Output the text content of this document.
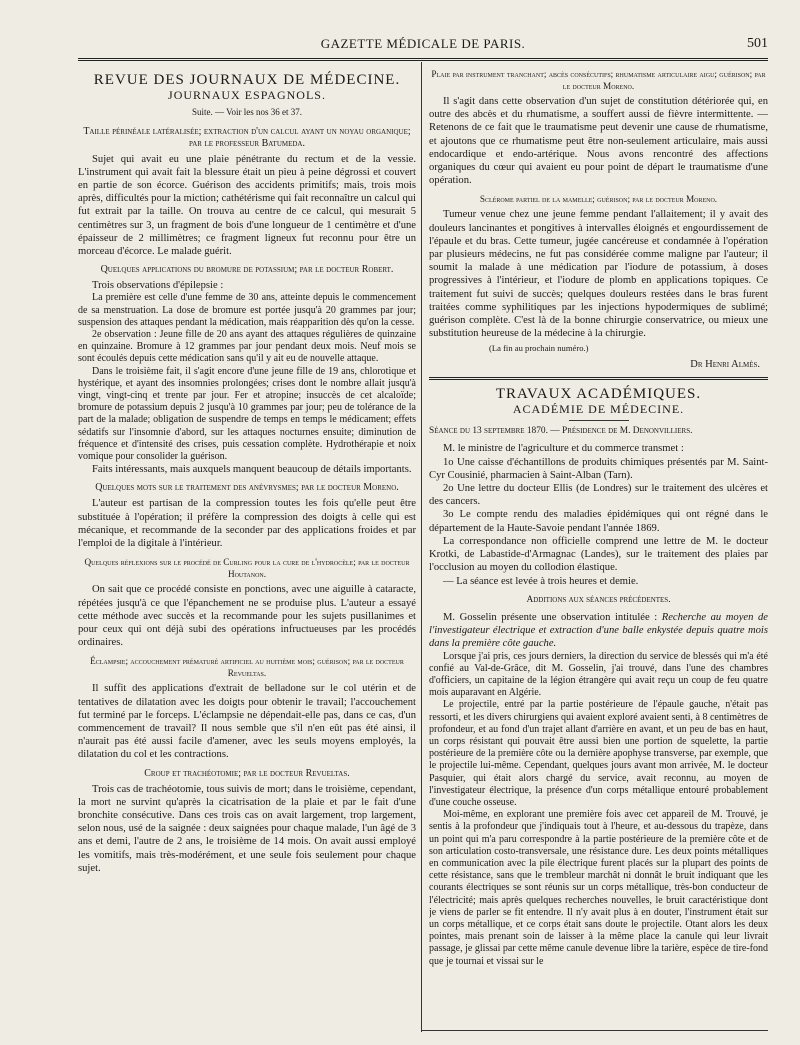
GAZETTE MÉDICALE DE PARIS.	501
REVUE DES JOURNAUX DE MÉDECINE.
JOURNAUX ESPAGNOLS.
Suite. — Voir les nos 36 et 37.
Taille périnéale latéralisée; extraction d'un calcul ayant un noyau organique; par le professeur Batumeda.

Sujet qui avait eu une plaie pénétrante du rectum et de la vessie. L'instrument qui avait fait la blessure était un pieu à peine dégrossi et couvert en partie de son écorce. Guérison des accidents primitifs; mais, trois mois après, difficultés pour la miction; cathétérisme qui fait reconnaître un calcul qui fut extrait par la taille. On trouva au centre de ce calcul, qui mesurait 5 centimètres sur 3, un fragment de bois d'une longueur de 1 centimètre et d'une épaisseur de 2 millimètres; ce fragment ligneux fut reconnu pour être un morceau d'écorce. Le malade guérit.

Quelques applications du bromure de potassium; par le docteur Robert.

Trois observations d'épilepsie :

La première est celle d'une femme de 30 ans, atteinte depuis le commencement de sa menstruation. La dose de bromure est portée jusqu'à 20 grammes par jour; suspension des attaques pendant la médication, mais réapparition dès qu'on la cesse.

2e observation : Jeune fille de 20 ans ayant des attaques régulières de quinzaine en quinzaine. Bromure à 12 grammes par jour pendant deux mois. Neuf mois se sont écoulés depuis cette médication sans qu'il y ait eu de nouvelle attaque.

Dans le troisième fait, il s'agit encore d'une jeune fille de 19 ans, chlorotique et hystérique, et ayant des insomnies prolongées; crises dont le nombre allait jusqu'à vingt, vingt-cinq et trente par jour. Fer et atropine; insuccès de cet alcaloïde; bromure de potassium depuis 2 jusqu'à 10 grammes par jour; peu de tolérance de la part de la malade; obligation de suspendre de temps en temps le médicament; effets sédatifs sur l'insomnie d'abord, sur les attaques nocturnes ensuite; diminution de fréquence et d'intensité des crises, puis cessation complète. Hydrothérapie et noix vomique pour consolider la guérison.

Faits intéressants, mais auxquels manquent beaucoup de détails importants.

Quelques mots sur le traitement des anévrysmes; par le docteur Moreno.

L'auteur est partisan de la compression toutes les fois qu'elle peut être substituée à l'opération; il préfère la compression des doigts à celle qui est mécanique, et recommande de la seconder par des applications froides et par l'emploi de la digitale à l'intérieur.

Quelques réflexions sur le procédé de Curling pour la cure de l'hydrocèle; par le docteur Houtanon.

On sait que ce procédé consiste en ponctions, avec une aiguille à cataracte, répétées jusqu'à ce que l'épanchement ne se produise plus. L'auteur a essayé cette méthode avec succès et la recommande pour les sujets pusillanimes et pour ceux qui ont déjà subi des opérations infructueuses par les procédés ordinaires.

Éclampsie; accouchement prématuré artificiel au huitième mois; guérison; par le docteur Revueltas.

Il suffit des applications d'extrait de belladone sur le col utérin et de tentatives de dilatation avec les doigts pour obtenir le travail; l'accouchement fut terminé par le forceps. L'éclampsie ne dépendait-elle pas, dans ce cas, d'un commencement de travail? Il nous semble que s'il n'en eût pas été ainsi, il n'aurait pas été aussi facile d'amener, avec les seuls moyens employés, la dilatation du col et les contractions.

Croup et trachéotomie; par le docteur Revueltas.

Trois cas de trachéotomie, tous suivis de mort; dans le troisième, cependant, la mort ne survint qu'après la cicatrisation de la plaie et par le fait d'une bronchite consécutive. Dans ces trois cas on avait largement, trop largement, selon nous, usé de la saignée : deux saignées pour chaque malade, l'un âgé de 3 ans et demi, l'autre de 2 ans, le troisième de 14 mois. On avait aussi employé les vomitifs, mais très-modérément, et une seule fois seulement pour chaque sujet.

Plaie par instrument tranchant; abcès consécutifs; rhumatisme articulaire aigu; guérison; par le docteur Moreno.

Il s'agit dans cette observation d'un sujet de constitution détériorée qui, en outre des abcès et du rhumatisme, a souffert aussi de fièvre intermittente. — Retenons de ce fait que le traumatisme peut devenir une cause de rhumatisme, et ajoutons que ce rhumatisme peut être non-seulement articulaire, mais aussi endocardique et endo-artérique. Nous avons rencontré des affections organiques du cœur qui avaient eu pour point de départ le traumatisme d'une opération.

Sclérome partiel de la mamelle; guérison; par le docteur Moreno.

Tumeur venue chez une jeune femme pendant l'allaitement; il y avait des douleurs lancinantes et pongitives à intervalles éloignés et engourdissement de l'épaule et du bras. Cette tumeur, jugée cancéreuse et condamnée à l'opération par plusieurs médecins, ne fut pas considérée comme maligne par l'auteur; il soumit la malade à une médication par l'iodure de potassium, à doses progressives à l'intérieur, et l'iodure de plomb en applications topiques. Ce traitement fut suivi de succès; quelques douleurs restées dans le bras furent traitées comme syphilitiques par les injections hypodermiques de sublimé; guérison complète. C'est là de la bonne chirurgie conservatrice, ou mieux une substitution heureuse de la médecine à la chirurgie.

(La fin au prochain numéro.)

Dr Henri Almès.

TRAVAUX ACADÉMIQUES.
ACADÉMIE DE MÉDECINE.

Séance du 13 septembre 1870. — Présidence de M. Denonvilliers.

M. le ministre de l'agriculture et du commerce transmet :

1o Une caisse d'échantillons de produits chimiques présentés par M. Saint-Cyr Cousinié, pharmacien à Saint-Alban (Tarn).

2o Une lettre du docteur Ellis (de Londres) sur le traitement des ulcères et des cancers.

3o Le compte rendu des maladies épidémiques qui ont régné dans le département de la Haute-Savoie pendant l'année 1869.

La correspondance non officielle comprend une lettre de M. le docteur Krotki, de Labastide-d'Armagnac (Landes), sur le traitement des plaies par l'occlusion au moyen du collodion élastique.

— La séance est levée à trois heures et demie.

Additions aux séances précédentes.

M. Gosselin présente une observation intitulée : Recherche au moyen de l'investigateur électrique et extraction d'une balle enkystée depuis quatre mois dans la première côte gauche.

Lorsque j'ai pris, ces jours derniers, la direction du service de blessés qui m'a été confié au Val-de-Grâce, dit M. Gosselin, j'ai trouvé, dans l'une des chambres d'officiers, un capitaine de la légion étrangère qui avait reçu un coup de feu quatre mois auparavant en Algérie.

Le projectile, entré par la partie postérieure de l'épaule gauche, n'était pas ressorti, et les divers chirurgiens qui avaient exploré avaient senti, à 8 centimètres de profondeur, et au fond d'un trajet allant d'arrière en avant, et un peu de bas en haut, un corps résistant qui pouvait être aussi bien une portion de squelette, la partie postérieure de la première côte ou la dernière apophyse transverse, par exemple, que le projectile lui-même. Cependant, quelques jours avant mon arrivée, M. le docteur Pasquier, qui était alors chargé du service, avait reconnu, au moyen de l'investigateur électrique, la présence d'un corps métallique entouré probablement d'une couche osseuse.

Moi-même, en explorant une première fois avec cet appareil de M. Trouvé, je sentis à la profondeur que j'indiquais tout à l'heure, et au-dessous du trapèze, dans un point qui m'a paru correspondre à la partie postérieure de la première côte et de son articulation costo-transversale, une résistance dure. Les deux points métalliques en communication avec la pile électrique furent placés sur la plupart des points de cette résistance, sans que le trembleur marchât ni donnât le bruit indiquant que les courants électriques se sont réunis sur un corps métallique, très-bon conducteur de l'électricité; mais après quelques recherches nouvelles, le bruit caractéristique dont je viens de parler se fit entendre. Il n'y avait plus à en douter, l'instrument était sur un corps métallique, et ce corps était sans doute le projectile. Otant alors les deux pointes, mais prenant soin de laisser à la même place la canule qui leur livrait passage, je glissai par cette même canule devenue libre la tarière, espèce de tire-fond que je tournai et vissai sur le
